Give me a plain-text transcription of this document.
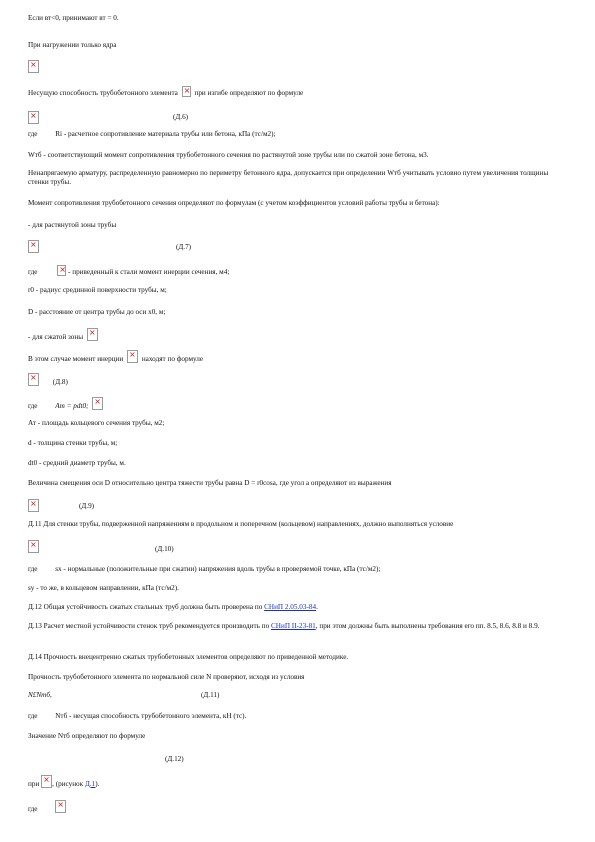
Если вт<0, принимают вт = 0.
При нагружении только ядра
×
Несущую способность трубобетонного элемента × при изгибе определяют по формуле
×
(Д.6)
где Rі - расчетное сопротивление материала трубы или бетона, кПа (тс/м2);
Wтб - соответствующий момент сопротивления трубобетонного сечения по растянутой зоне трубы или по сжатой зоне бетона, м3.
Ненапрягаемую арматуру, распределенную равномерно по периметру бетонного ядра, допускается при определении Wтб учитывать условно путем увеличения толщины стенки трубы.
Момент сопротивления трубобетонного сечения определяют по формулам (с учетом коэффициентов условий работы трубы и бетона):
- для растянутой зоны трубы
×
(Д.7)
где ×	- приведенный к стали момент инерции сечения, м4;
r0 - радиус срединной поверхности трубы, м;
D - расстояние от центра трубы до оси х0, м;
- для сжатой зоны ×
В этом случае момент инерции ×	находят по формуле
× (Д.8)
где Ат = pdt0; ×
Ат - площадь кольцевого сечения трубы, м2;
d - толщина стенки трубы, м;
dt0 - средний диаметр трубы, м.
Величина смещения оси D относительно центра тяжести трубы равна D = r0cosa, где угол a определяют из выражения
×
(Д.9)
Д.11 Для стенки трубы, подверженной напряжениям в продольном и поперечном (кольцевом) направлениях, должно выполняться условие
×
(Д.10)
где sх - нормальные (положительные при сжатии) напряжения вдоль трубы в проверяемой точке, кПа (тс/м2);
sy - то же, в кольцевом направлении, кПа (тс/м2).
Д.12 Общая устойчивость сжатых стальных труб должна быть проверена по СНиП 2.05.03-84.
Д.13 Расчет местной устойчивости стенок труб рекомендуется производить по СНиП II-23-81, при этом должны быть выполнены требования его пп. 8.5, 8.6, 8.8 и 8.9.
Д.14 Прочность внецентренно сжатых трубобетонных элементов определяют по приведенной методике.
Прочность трубобетонного элемента по нормальной силе N проверяют, исходя из условия
N£Nтб,	(Д.11)
где Nтб - несущая способность трубобетонного элемента, кН (тс).
Значение Nтб определяют по формуле
(Д.12)
при × , (рисунок Д.1).
где ×
